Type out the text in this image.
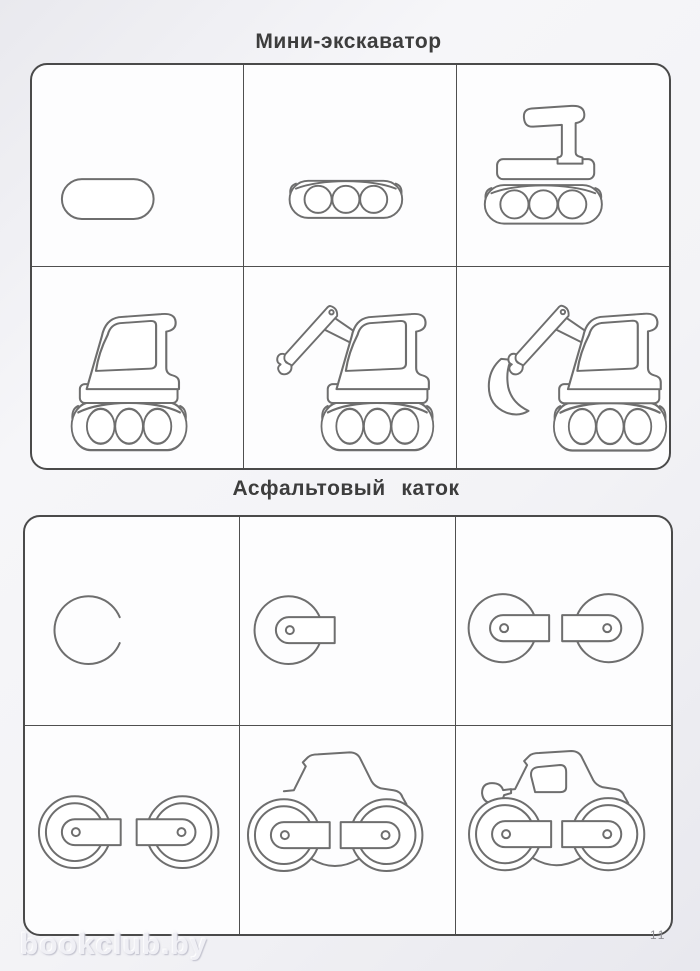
Мини-экскаватор
Асфальтовый каток
bookclub.by	11
